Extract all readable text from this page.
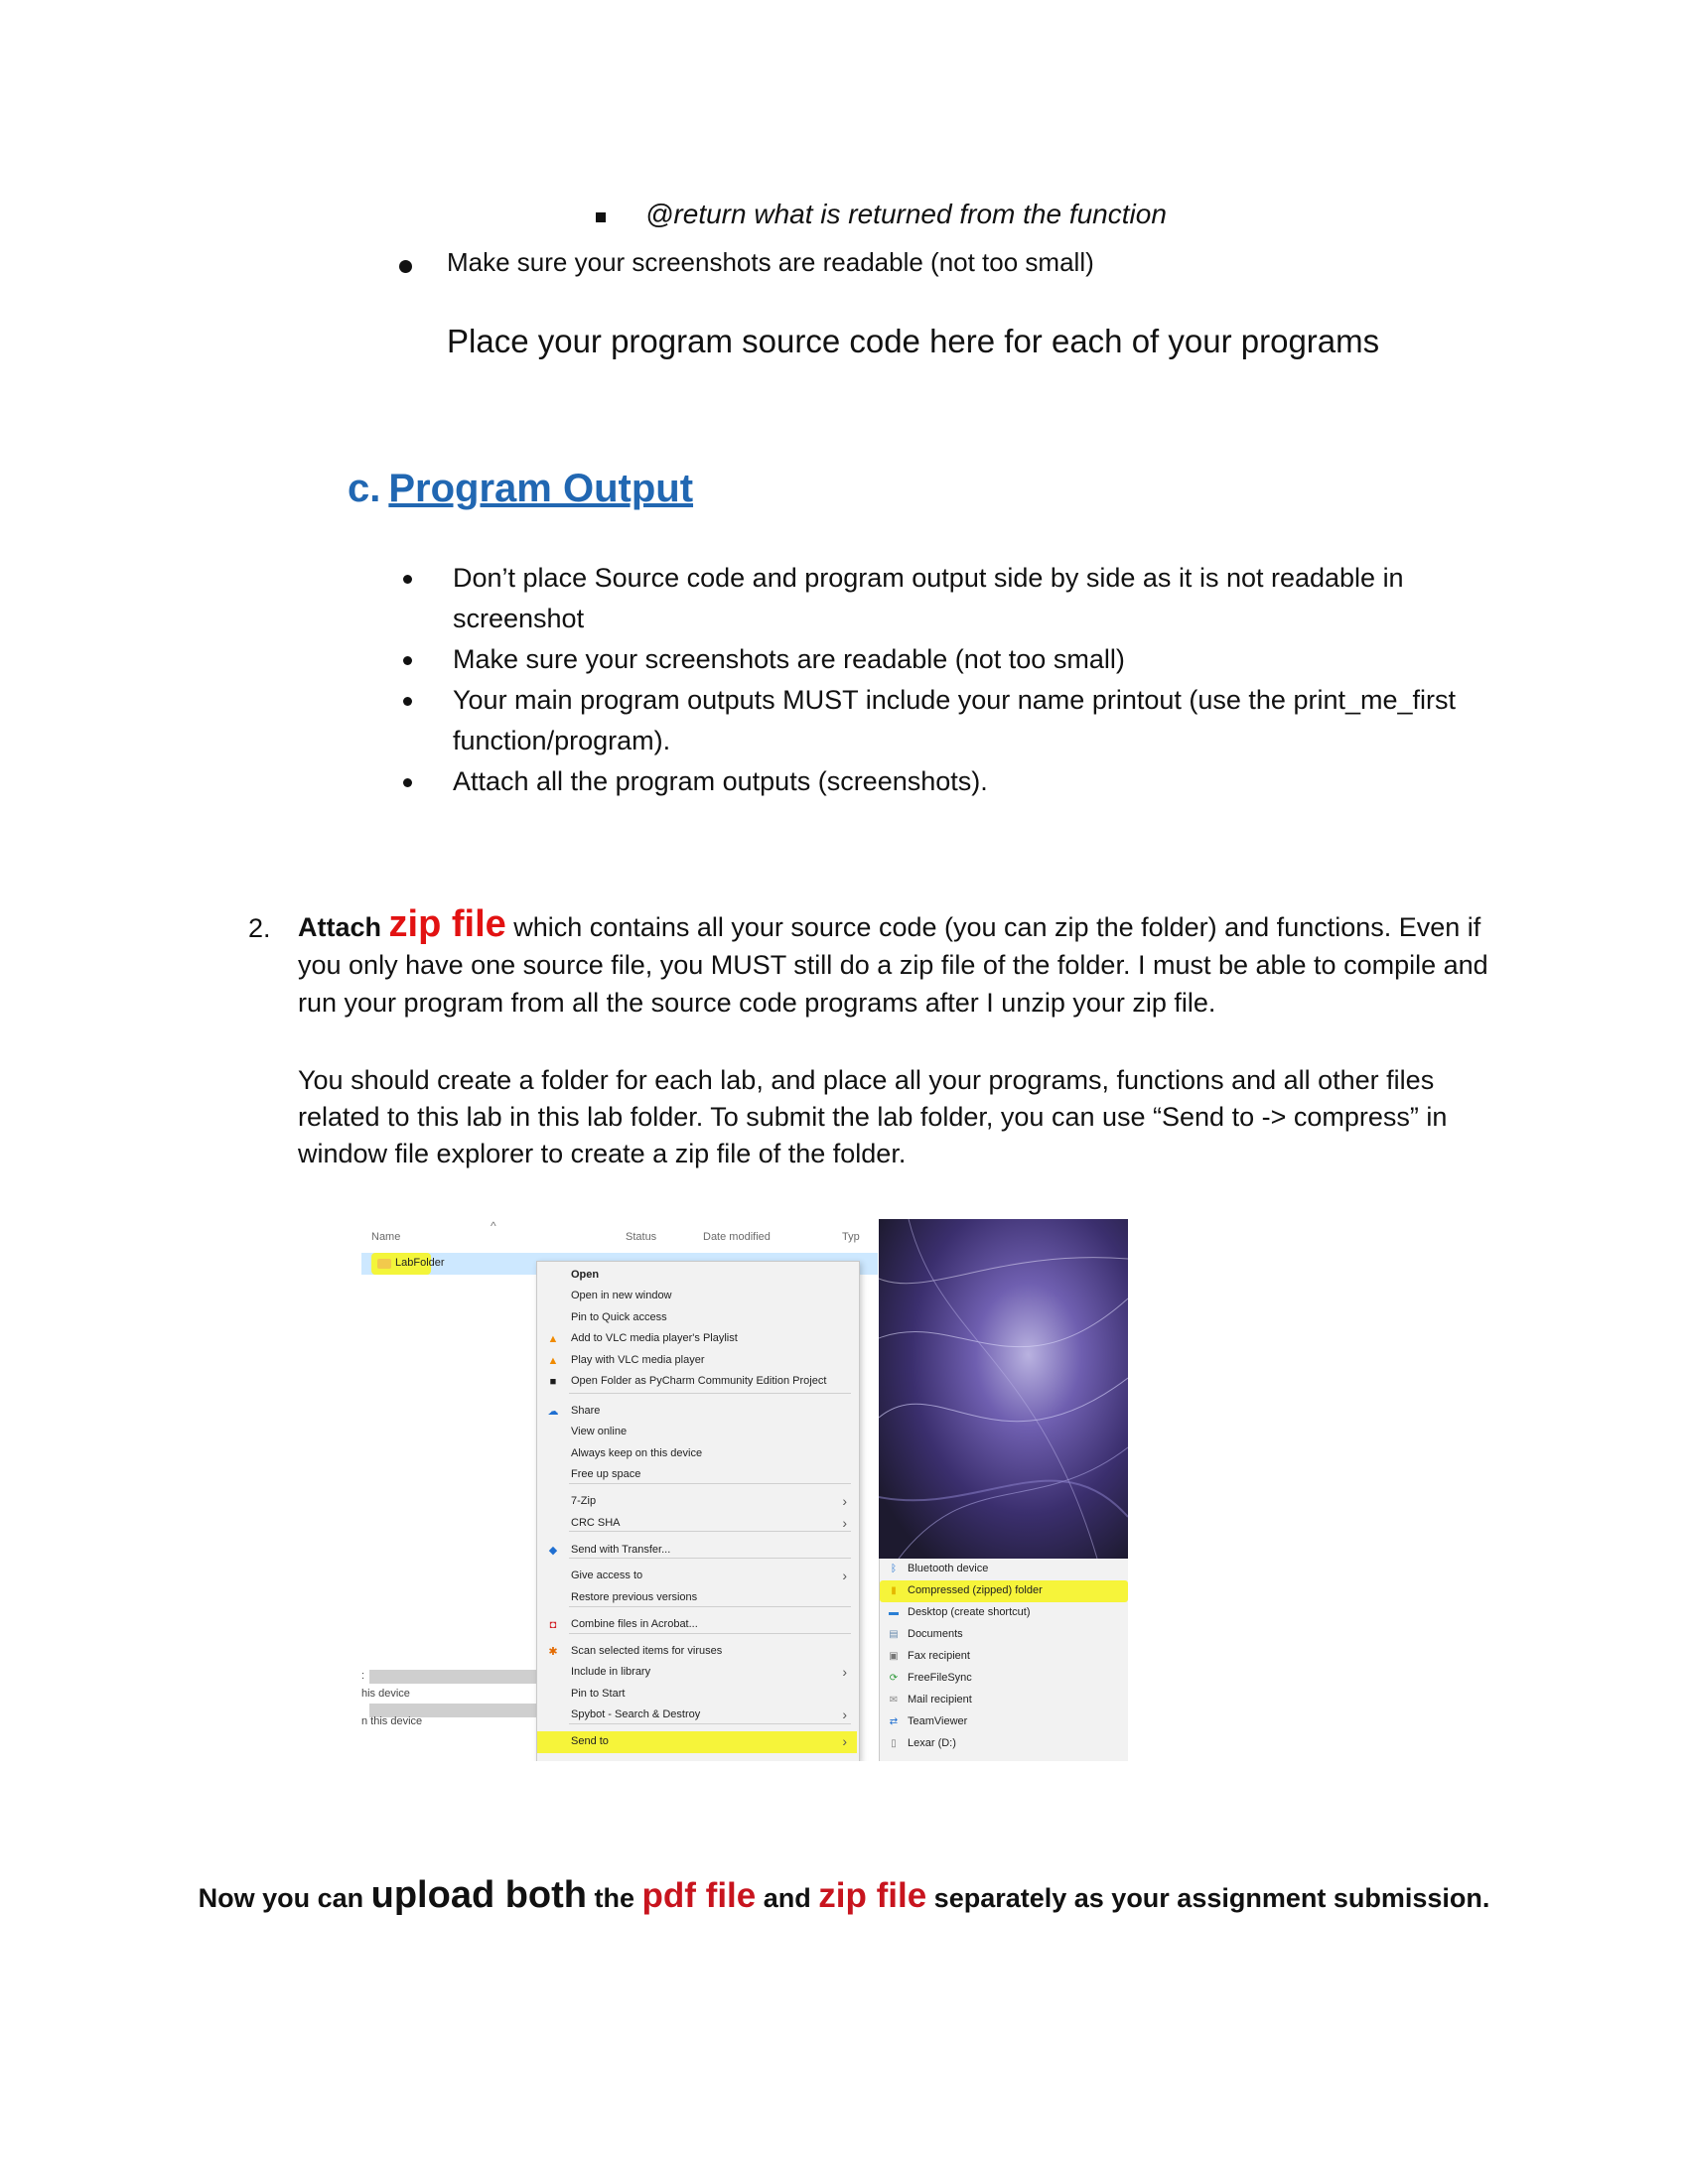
@return what is returned from the function
Make sure your screenshots are readable (not too small)
Place your program source code here for each of your programs
c. Program Output
Don’t place Source code and program output side by side as it is not readable in screenshot
Make sure your screenshots are readable (not too small)
Your main program outputs MUST include your name printout (use the print_me_first function/program).
Attach all the program outputs (screenshots).
2. Attach zip file which contains all your source code (you can zip the folder) and functions. Even if you only have one source file, you MUST still do a zip file of the folder. I must be able to compile and run your program from all the source code programs after I unzip your zip file.
You should create a folder for each lab, and place all your programs, functions and all other files related to this lab in this lab folder. To submit the lab folder, you can use “Send to -> compress” in window file explorer to create a zip file of the folder.
^
Name	Status	Date modified	Typ
LabFolder
:
his device
n this device
Open
Open in new window
Pin to Quick access
▲ Add to VLC media player's Playlist
▲ Play with VLC media player
■ Open Folder as PyCharm Community Edition Project
☁ Share
View online
Always keep on this device
Free up space
7-Zip	›
CRC SHA	›
◆ Send with Transfer...
Give access to	›
Restore previous versions
◘ Combine files in Acrobat...
✱ Scan selected items for viruses
Include in library	›
Pin to Start
Spybot - Search & Destroy	›
Send to	›
ᛒ Bluetooth device
▮ Compressed (zipped) folder
▬ Desktop (create shortcut)
▤ Documents
▣ Fax recipient
⟳ FreeFileSync
✉ Mail recipient
⇄ TeamViewer
▯ Lexar (D:)
Now you can upload both the pdf file and zip file separately as your assignment submission.
